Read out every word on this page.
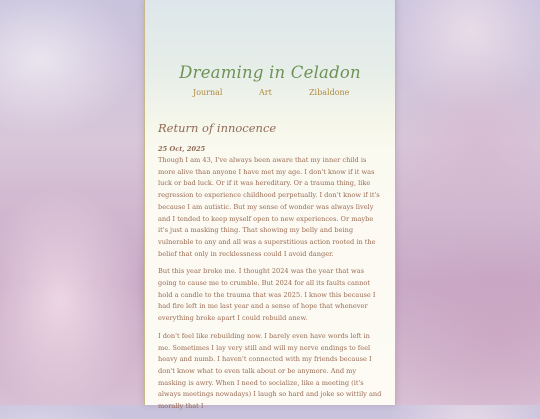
Dreaming in Celadon
Journal	Art	Zibaldone
Return of innocence
25 Oct, 2025

Though I am 43, I've always been aware that my inner child is more alive than anyone I have met my age. I don't know if it was luck or bad luck. Or if it was hereditary. Or a trauma thing, like regression to experience childhood perpetually. I don't know if it's because I am autistic. But my sense of wonder was always lively and I tended to keep myself open to new experiences. Or maybe it's just a masking thing. That showing my belly and being vulnerable to any and all was a superstitious action rooted in the belief that only in recklessness could I avoid danger.

But this year broke me. I thought 2024 was the year that was going to cause me to crumble. But 2024 for all its faults cannot hold a candle to the trauma that was 2025. I know this because I had fire left in me last year and a sense of hope that whenever everything broke apart I could rebuild anew.

I don't feel like rebuilding now. I barely even have words left in me. Sometimes I lay very still and will my nerve endings to feel heavy and numb. I haven't connected with my friends because I don't know what to even talk about or be anymore. And my masking is awry. When I need to socialize, like a meeting (it's always meetings nowadays) I laugh so hard and joke so wittily and morally that I
